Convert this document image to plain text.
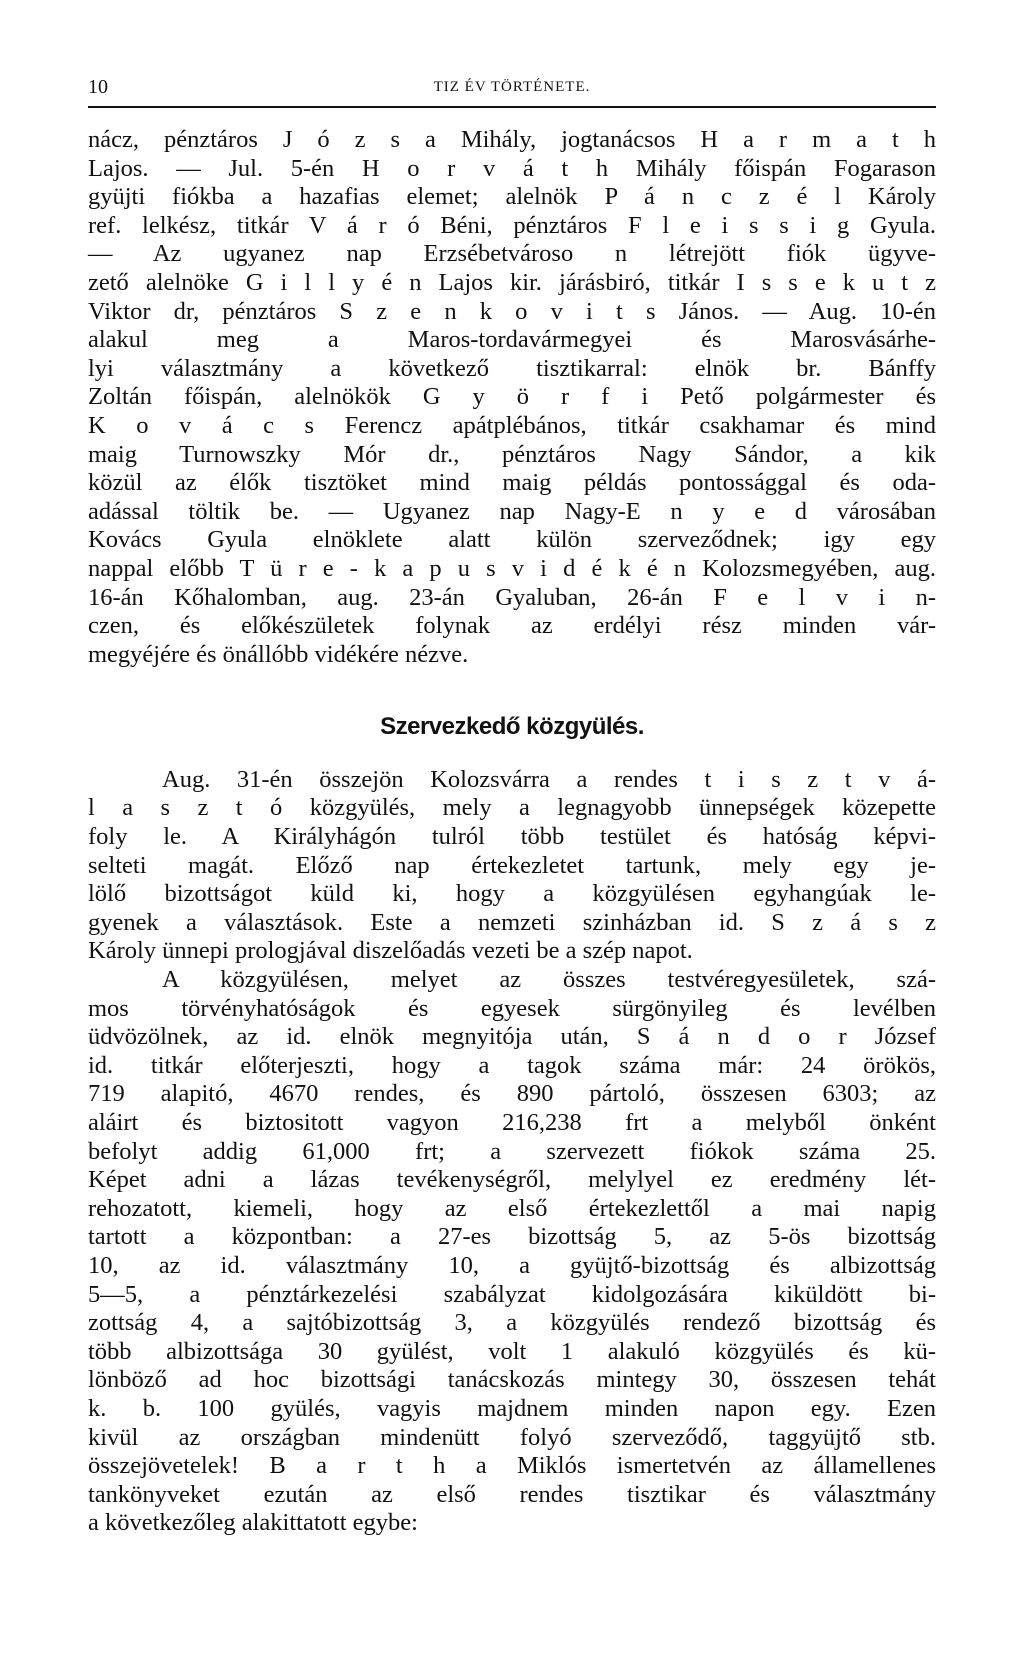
10	TIZ ÉV TÖRTÉNETE.
nácz, pénztáros J ó z s a Mihály, jogtanácsos H a r m a t h
Lajos. — Jul. 5-én H o r v á t h Mihály főispán Fogarason
gyüjti fiókba a hazafias elemet; alelnök P á n c z é l Károly
ref. lelkész, titkár V á r ó Béni, pénztáros F l e i s s i g Gyula.
— Az ugyanez nap Erzsébetvároso n létrejött fiók ügyve-
zető alelnöke G i l l y é n Lajos kir. járásbiró, titkár I s s e k u t z
Viktor dr, pénztáros S z e n k o v i t s János. — Aug. 10-én
alakul meg a Maros-tordavármegyei és Marosvásárhe-
lyi választmány a következő tisztikarral: elnök br. Bánffy
Zoltán főispán, alelnökök G y ö r f i Pető polgármester és
K o v á c s Ferencz apátplébános, titkár csakhamar és mind
maig Turnowszky Mór dr., pénztáros Nagy Sándor, a kik
közül az élők tisztöket mind maig példás pontossággal és oda-
adással töltik be. — Ugyanez nap Nagy-E n y e d városában
Kovács Gyula elnöklete alatt külön szerveződnek; igy egy
nappal előbb T ü r e - k a p u s v i d é k é n Kolozsmegyében, aug.
16-án Kőhalomban, aug. 23-án Gyaluban, 26-án F e l v i n-
czen, és előkészületek folynak az erdélyi rész minden vár-
megyéjére és önállóbb vidékére nézve.
Szervezkedő közgyülés.
Aug. 31-én összejön Kolozsvárra a rendes t i s z t v á-
l a s z t ó közgyülés, mely a legnagyobb ünnepségek közepette
foly le. A Királyhágón tulról több testület és hatóság képvi-
selteti magát. Előző nap értekezletet tartunk, mely egy je-
lölő bizottságot küld ki, hogy a közgyülésen egyhangúak le-
gyenek a választások. Este a nemzeti szinházban id. S z á s z
Károly ünnepi prologjával diszelőadás vezeti be a szép napot.
A közgyülésen, melyet az összes testvéregyesületek, szá-
mos törvényhatóságok és egyesek sürgönyileg és levélben
üdvözölnek, az id. elnök megnyitója után, S á n d o r József
id. titkár előterjeszti, hogy a tagok száma már: 24 örökös,
719 alapitó, 4670 rendes, és 890 pártoló, összesen 6303; az
aláirt és biztositott vagyon 216,238 frt a melyből önként
befolyt addig 61,000 frt; a szervezett fiókok száma 25.
Képet adni a lázas tevékenységről, melylyel ez eredmény lét-
rehozatott, kiemeli, hogy az első értekezlettől a mai napig
tartott a központban: a 27-es bizottság 5, az 5-ös bizottság
10, az id. választmány 10, a gyüjtő-bizottság és albizottság
5—5, a pénztárkezelési szabályzat kidolgozására kiküldött bi-
zottság 4, a sajtóbizottság 3, a közgyülés rendező bizottság és
több albizottsága 30 gyülést, volt 1 alakuló közgyülés és kü-
lönböző ad hoc bizottsági tanácskozás mintegy 30, összesen tehát
k. b. 100 gyülés, vagyis majdnem minden napon egy. Ezen
kivül az országban mindenütt folyó szerveződő, taggyüjtő stb.
összejövetelek! B a r t h a Miklós ismertetvén az államellenes
tankönyveket ezután az első rendes tisztikar és választmány
a következőleg alakittatott egybe:
